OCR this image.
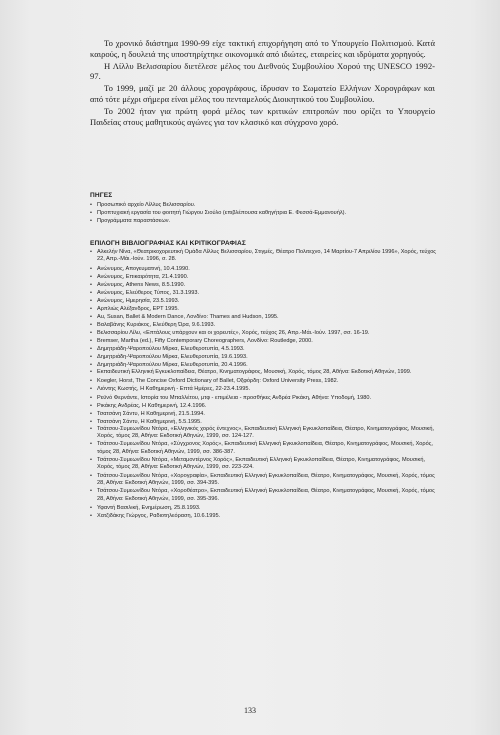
Το χρονικό διάστημα 1990-99 είχε τακτική επιχορήγηση από το Υπουργείο Πολιτισμού. Κατά καιρούς, η δουλειά της υποστηρίχτηκε οικονομικά από ιδιώτες, εταιρείες και ιδρύματα χορηγούς.

Η Λίλλυ Βελισσαρίου διετέλεσε μέλος του Διεθνούς Συμβουλίου Χορού της UNESCO 1992-97.

Το 1999, μαζί με 20 άλλους χορογράφους, ίδρυσαν το Σωματείο Ελλήνων Χορογράφων και από τότε μέχρι σήμερα είναι μέλος του πενταμελούς Διοικητικού του Συμβουλίου.

Το 2002 ήταν για πρώτη φορά μέλος των κριτικών επιτροπών που ορίζει το Υπουργείο Παιδείας στους μαθητικούς αγώνες για τον κλασικό και σύγχρονο χορό.

ΠΗΓΕΣ
• Προσωπικό αρχείο Λίλλυς Βελισσαρίου.
• Προπτυχιακή εργασία του φοιτητή Γιώργου Σιούλο (επιβλέπουσα καθηγήτρια Ε. Φεσσά-Εμμανουήλ).
• Προγράμματα παραστάσεων.
ΕΠΙΛΟΓΗ ΒΙΒΛΙΟΓΡΑΦΙΑΣ ΚΑΙ ΚΡΙΤΙΚΟΓΡΑΦΙΑΣ
• Αλκελήν Νίνα, «Θεατρικοχορευτική Ομάδα Λίλλυς Βελισσαρίου, Στιγμές, Θέατρο Πολιτεχνο, 14 Μαρτίου-7 Απριλίου 1996», Χορός, τεύχος 22, Απρ.-Μάι.-Ιούν. 1996, σ. 28.
• Ανώνυμος, Απογευματινή, 10.4.1990.
• Ανώνυμος, Επικαιρότητα, 21.4.1990.
• Ανώνυμος, Athens News, 8.5.1990.
• Ανώνυμος, Ελεύθερος Τύπος, 31.3.1993.
• Ανώνυμος, Ημερησία, 23.5.1993.
• Αρπλιώς Αλέξανδρος, ΕΡΤ 1995.
• Au, Susan, Ballet & Modern Dance, Λονδίνο: Thames and Hudson, 1995.
• Βαλαβάνης Κυριάκος, Ελεύθερη Ώρα, 9.6.1993.
• Βελισσαρίου Λίλυ, «Επτάλους υπάρχουν και οι χορευτές», Χορός, τεύχος 26, Απρ.-Μάι.-Ιούν. 1997, σσ. 16-19.
• Bremser, Martha (ed.), Fifty Contemporary Choreographers, Λονδίνο: Routledge, 2000.
• Δημητριάδη-Ψαροπούλου Μίρκα, Ελευθεροτυπία, 4.5.1993.
• Δημητριάδη-Ψαροπούλου Μίρκα, Ελευθεροτυπία, 19.6.1993.
• Δημητριάδη-Ψαροπούλου Μίρκα, Ελευθεροτυπία, 20.4.1996.
• Εκπαιδευτική Ελληνική Εγκυκλοπαίδεια, Θέατρο, Κινηματογράφος, Μουσική, Χορός, τόμος 28, Αθήνα: Εκδοτική Αθηνών, 1999.
• Koegler, Horst, The Concise Oxford Dictionary of Ballet, Οξφόρδη: Oxford University Press, 1982.
• Λιόντης Κωστής, Η Καθημερινή - Επτά Ημέρες, 22-23.4.1995.
• Ρεϋνό Φερνάντε, Ιστορία του Μπαλλέτου, μτφ - επιμέλεια - προσθήκες Ανδρέα Ρικάκη, Αθήνα: Υποδομή, 1980.
• Ρικάκης Ανδρέας, Η Καθημερινή, 12.4.1996.
• Τσατσάνη Σάντυ, Η Καθημερινή, 21.5.1994.
• Τσατσάνη Σάντυ, Η Καθημερινή, 5.5.1995.
• Τσάτσου-Συμεωνίδου Ντόρα, «Ελληνικός χορός έντεχνος», Εκπαιδευτική Ελληνική Εγκυκλοπαίδεια, Θέατρο, Κινηματογράφος, Μουσική, Χορός, τόμος 28, Αθήνα: Εκδοτική Αθηνών, 1999, σσ. 124-127.
• Τσάτσου-Συμεωνίδου Ντόρα, «Σύγχρονος Χορός», Εκπαιδευτική Ελληνική Εγκυκλοπαίδεια, Θέατρο, Κινηματογράφος, Μουσική, Χορός, τόμος 28, Αθήνα: Εκδοτική Αθηνών, 1999, σσ. 386-387.
• Τσάτσου-Συμεωνίδου Ντόρα, «Μεταμοντέρνος Χορός», Εκπαιδευτική Ελληνική Εγκυκλοπαίδεια, Θέατρο, Κινηματογράφος, Μουσική, Χορός, τόμος 28, Αθήνα: Εκδοτική Αθηνών, 1999, σσ. 223-224.
• Τσάτσου-Συμεωνίδου Ντόρα, «Χορογραφία», Εκπαιδευτική Ελληνική Εγκυκλοπαίδεια, Θέατρο, Κινηματογράφος, Μουσική, Χορός, τόμος 28, Αθήνα: Εκδοτική Αθηνών, 1999, σσ. 394-395.
• Τσάτσου-Συμεωνίδου Ντόρα, «Χοροθέατρο», Εκπαιδευτική Ελληνική Εγκυκλοπαίδεια, Θέατρο, Κινηματογράφος, Μουσική, Χορός, τόμος 28, Αθήνα: Εκδοτική Αθηνών, 1999, σσ. 395-396.
• Υφαντή Βασιλική, Ενημέρωση, 25.8.1993.
• Χατζιδάκης Γιώργος, Ραδιοτηλεόραση, 10.6.1995.
133
